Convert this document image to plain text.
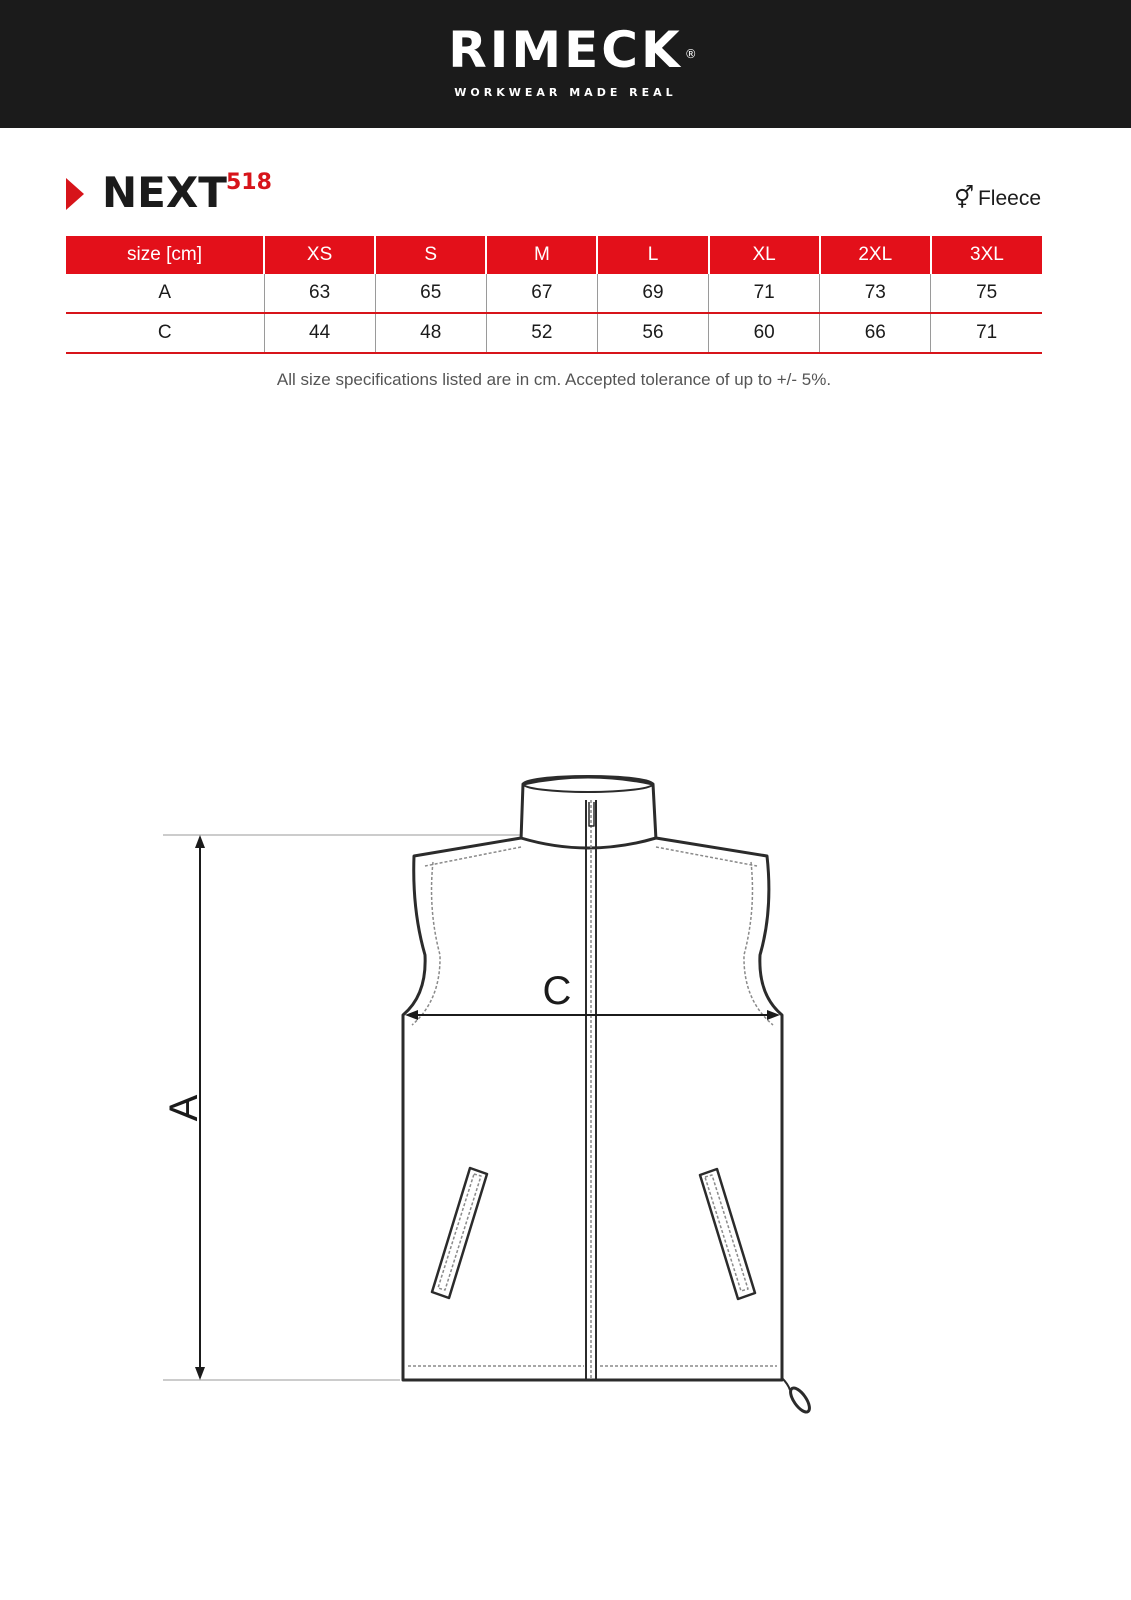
RIMECK ®
WORKWEAR MADE REAL
NEXT 518
⚥ Fleece
size [cm]	XS	S	M	L	XL	2XL	3XL
A	63	65	67	69	71	73	75
C	44	48	52	56	60	66	71
All size specifications listed are in cm. Accepted tolerance of up to +/- 5%.
A
C
